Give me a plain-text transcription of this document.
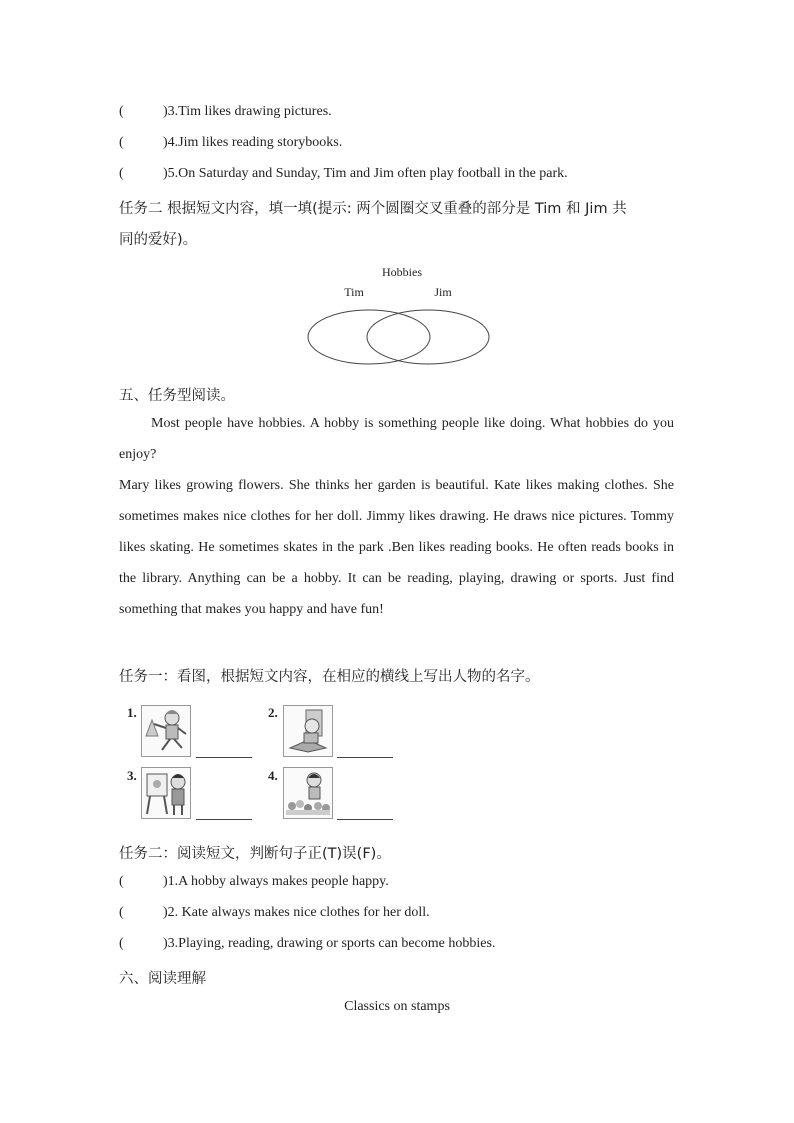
(	)3.Tim likes drawing pictures.
(	)4.Jim likes reading storybooks.
(	)5.On Saturday and Sunday, Tim and Jim often play football in the park.
任务二 根据短文内容，填一填(提示: 两个圆圈交叉重叠的部分是 Tim 和 Jim 共
同的爱好)。
Hobbies
Tim	Jim
五、任务型阅读。

Most people have hobbies. A hobby is something people like doing. What hobbies do you enjoy?

Mary likes growing flowers. She thinks her garden is beautiful. Kate likes making clothes. She sometimes makes nice clothes for her doll. Jimmy likes drawing. He draws nice pictures. Tommy likes skating. He sometimes skates in the park .Ben likes reading books. He often reads books in the library. Anything can be a hobby. It can be reading, playing, drawing or sports. Just find something that makes you happy and have fun!

任务一：看图，根据短文内容，在相应的横线上写出人物的名字。
1.	2.
3.	4.
任务二：阅读短文，判断句子正(T)误(F)。
(	)1.A hobby always makes people happy.
(	)2. Kate always makes nice clothes for her doll.
(	)3.Playing, reading, drawing or sports can become hobbies.
六、阅读理解
Classics on stamps
